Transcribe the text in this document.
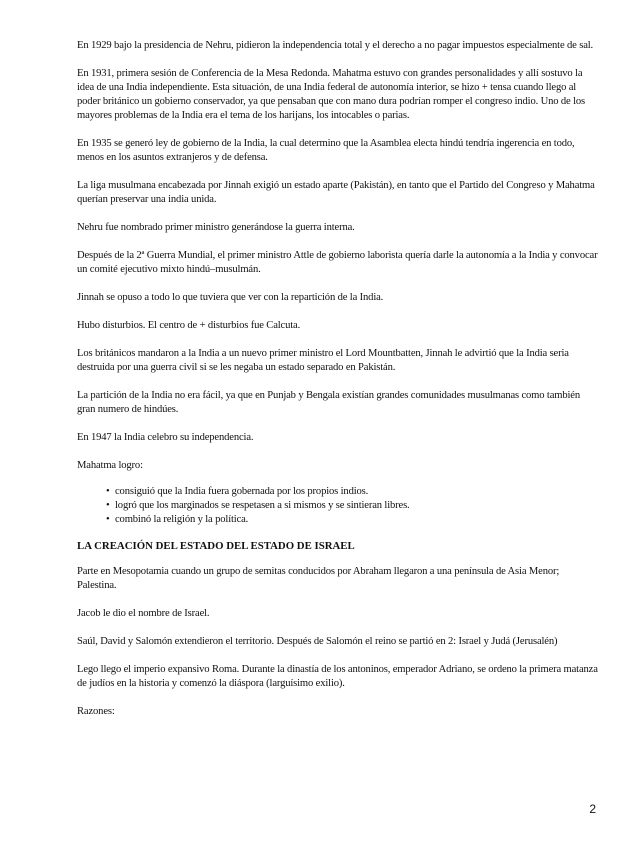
En 1929 bajo la presidencia de Nehru, pidieron la independencia total y el derecho a no pagar impuestos especialmente de sal.

En 1931, primera sesión de Conferencia de la Mesa Redonda. Mahatma estuvo con grandes personalidades y allí sostuvo la idea de una India independiente. Esta situación, de una India federal de autonomía interior, se hizo + tensa cuando llego al poder británico un gobierno conservador, ya que pensaban que con mano dura podrían romper el congreso indio. Uno de los mayores problemas de la India era el tema de los harijans, los intocables o parias.

En 1935 se generó ley de gobierno de la India, la cual determino que la Asamblea electa hindú tendría ingerencia en todo, menos en los asuntos extranjeros y de defensa.

La liga musulmana encabezada por Jinnah exigió un estado aparte (Pakistán), en tanto que el Partido del Congreso y Mahatma querían preservar una india unida.

Nehru fue nombrado primer ministro generándose la guerra interna.

Después de la 2ª Guerra Mundial, el primer ministro Attle de gobierno laborista quería darle la autonomía a la India y convocar un comité ejecutivo mixto hindú–musulmán.

Jinnah se opuso a todo lo que tuviera que ver con la repartición de la India.

Hubo disturbios. El centro de + disturbios fue Calcuta.

Los británicos mandaron a la India a un nuevo primer ministro el Lord Mountbatten, Jinnah le advirtió que la India seria destruida por una guerra civil si se les negaba un estado separado en Pakistán.

La partición de la India no era fácil, ya que en Punjab y Bengala existían grandes comunidades musulmanas como también gran numero de hindúes.

En 1947 la India celebro su independencia.

Mahatma logro:

• consiguió que la India fuera gobernada por los propios indios.
• logró que los marginados se respetasen a si mismos y se sintieran libres.
• combinó la religión y la política.
LA CREACIÓN DEL ESTADO DEL ESTADO DE ISRAEL

Parte en Mesopotamia cuando un grupo de semitas conducidos por Abraham llegaron a una península de Asia Menor; Palestina.

Jacob le dio el nombre de Israel.

Saúl, David y Salomón extendieron el territorio. Después de Salomón el reino se partió en 2: Israel y Judá (Jerusalén)

Lego llego el imperio expansivo Roma. Durante la dinastía de los antoninos, emperador Adriano, se ordeno la primera matanza de judíos en la historia y comenzó la diáspora (larguísimo exilio).

Razones:

2
